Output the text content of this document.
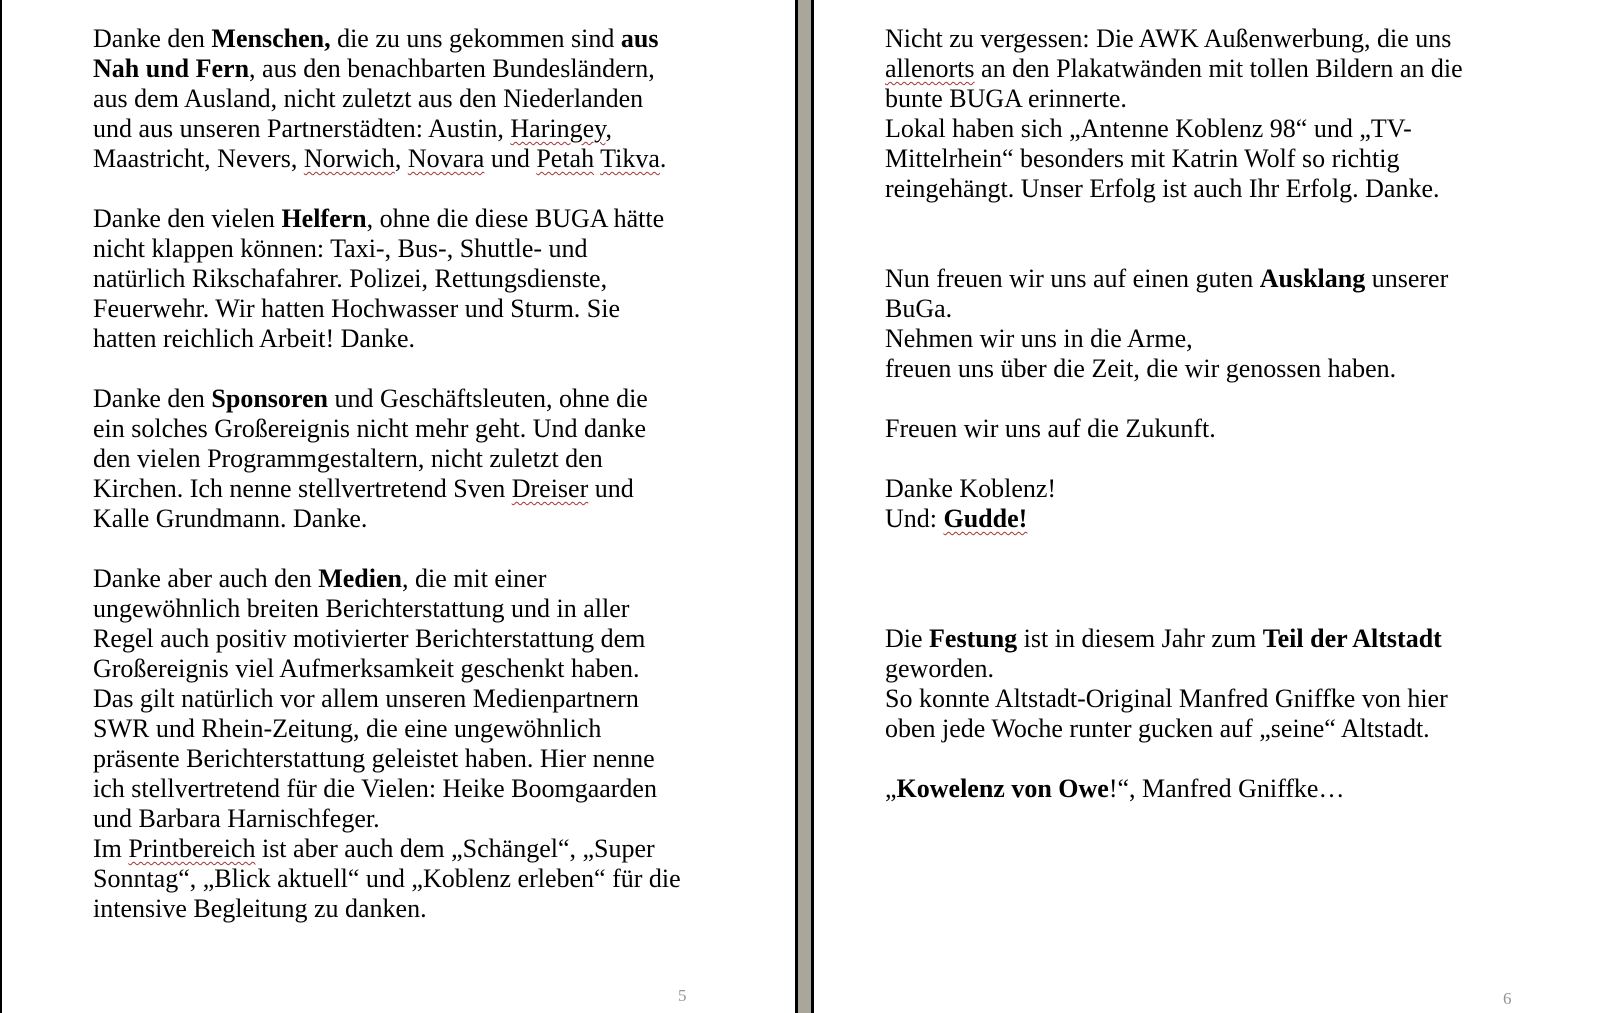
Danke den Menschen, die zu uns gekommen sind aus
Nah und Fern, aus den benachbarten Bundesländern,
aus dem Ausland, nicht zuletzt aus den Niederlanden
und aus unseren Partnerstädten: Austin, Haringey,
Maastricht, Nevers, Norwich, Novara und Petah Tikva.

Danke den vielen Helfern, ohne die diese BUGA hätte
nicht klappen können: Taxi-, Bus-, Shuttle- und
natürlich Rikschafahrer. Polizei, Rettungsdienste,
Feuerwehr. Wir hatten Hochwasser und Sturm. Sie
hatten reichlich Arbeit! Danke.

Danke den Sponsoren und Geschäftsleuten, ohne die
ein solches Großereignis nicht mehr geht. Und danke
den vielen Programmgestaltern, nicht zuletzt den
Kirchen. Ich nenne stellvertretend Sven Dreiser und
Kalle Grundmann. Danke.

Danke aber auch den Medien, die mit einer
ungewöhnlich breiten Berichterstattung und in aller
Regel auch positiv motivierter Berichterstattung dem
Großereignis viel Aufmerksamkeit geschenkt haben.
Das gilt natürlich vor allem unseren Medienpartnern
SWR und Rhein-Zeitung, die eine ungewöhnlich
präsente Berichterstattung geleistet haben. Hier nenne
ich stellvertretend für die Vielen: Heike Boomgaarden
und Barbara Harnischfeger.
Im Printbereich ist aber auch dem „Schängel“, „Super
Sonntag“, „Blick aktuell“ und „Koblenz erleben“ für die
intensive Begleitung zu danken.
5
Nicht zu vergessen: Die AWK Außenwerbung, die uns
allenorts an den Plakatwänden mit tollen Bildern an die
bunte BUGA erinnerte.
Lokal haben sich „Antenne Koblenz 98“ und „TV-
Mittelrhein“ besonders mit Katrin Wolf so richtig
reingehängt. Unser Erfolg ist auch Ihr Erfolg. Danke.

Nun freuen wir uns auf einen guten Ausklang unserer
BuGa.
Nehmen wir uns in die Arme,
freuen uns über die Zeit, die wir genossen haben.

Freuen wir uns auf die Zukunft.

Danke Koblenz!
Und: Gudde!

Die Festung ist in diesem Jahr zum Teil der Altstadt
geworden.
So konnte Altstadt-Original Manfred Gniffke von hier
oben jede Woche runter gucken auf „seine“ Altstadt.

„Kowelenz von Owe!“, Manfred Gniffke…
6
